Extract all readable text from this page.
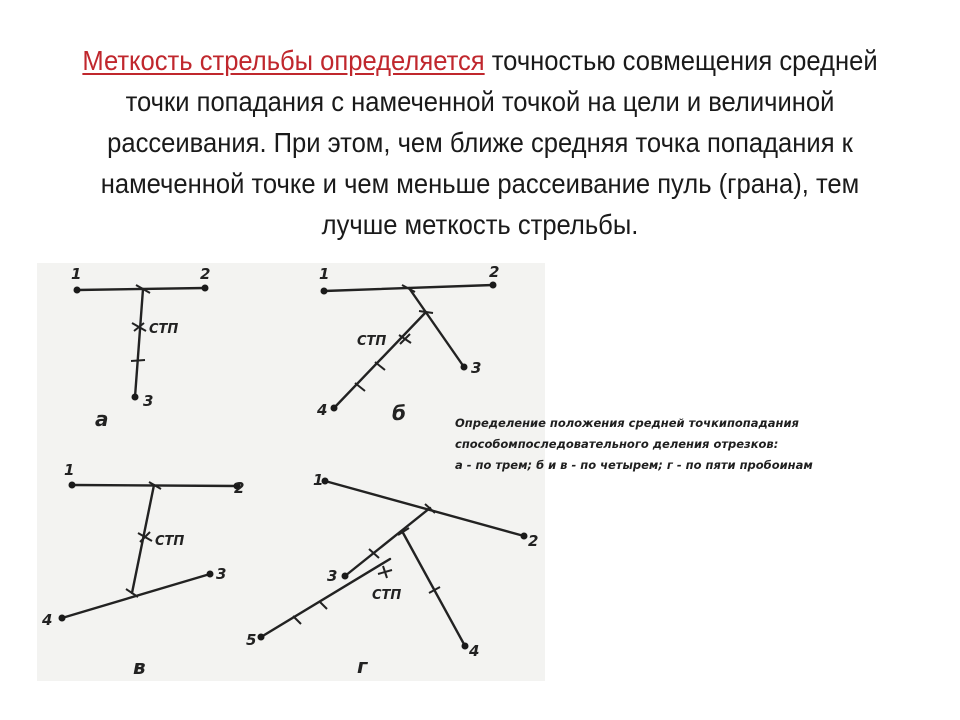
Меткость стрельбы определяется точностью совмещения средней точки попадания с намеченной точкой на цели и величиной рассеивания. При этом, чем ближе средняя точка попадания к намеченной точке и чем меньше рассеивание пуль (грана), тем лучше меткость стрельбы.
1	2
3
СТП
а
1	2
3
4
СТП
б
1
2
3
4
СТП
в
1
2
3
4
5
СТП
г
Определение положения средней точкипопадания
способомпоследовательного деления отрезков:
а - по трем; б и в - по четырем; г - по пяти пробоинам
